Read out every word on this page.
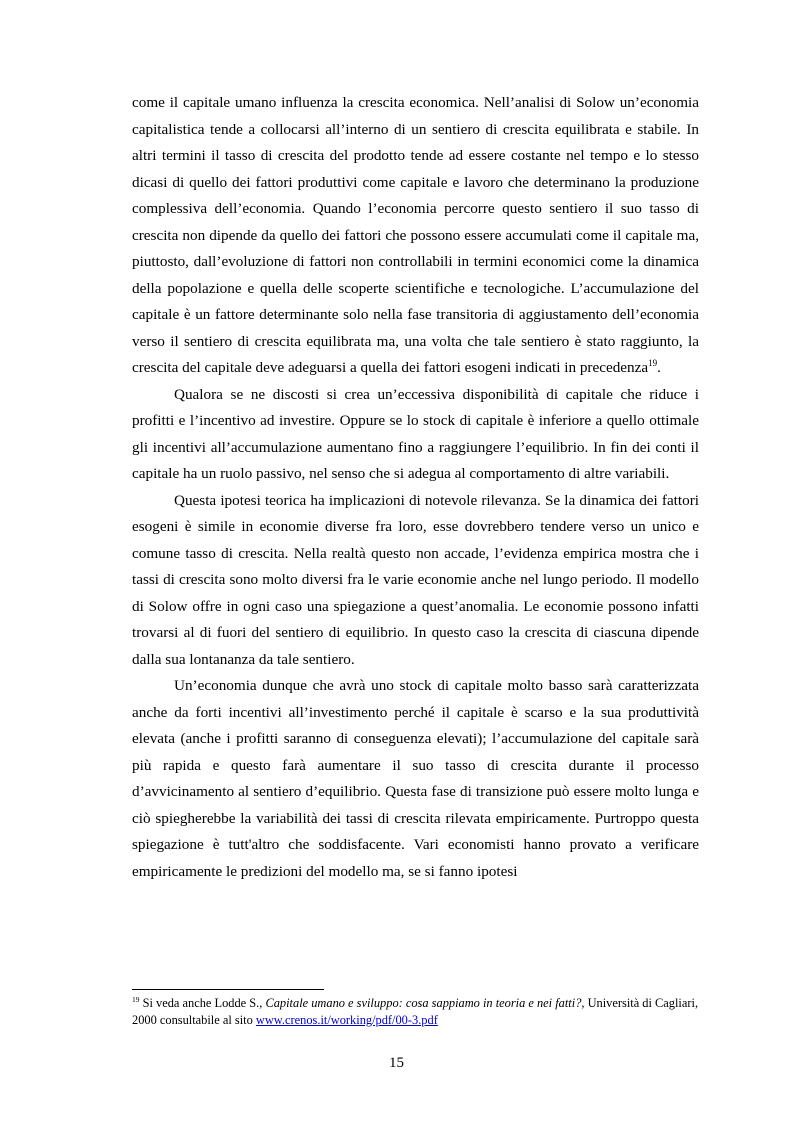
come il capitale umano influenza la crescita economica. Nell’analisi di Solow un’economia capitalistica tende a collocarsi all’interno di un sentiero di crescita equilibrata e stabile. In altri termini il tasso di crescita del prodotto tende ad essere costante nel tempo e lo stesso dicasi di quello dei fattori produttivi come capitale e lavoro che determinano la produzione complessiva dell’economia. Quando l’economia percorre questo sentiero il suo tasso di crescita non dipende da quello dei fattori che possono essere accumulati come il capitale ma, piuttosto, dall’evoluzione di fattori non controllabili in termini economici come la dinamica della popolazione e quella delle scoperte scientifiche e tecnologiche. L’accumulazione del capitale è un fattore determinante solo nella fase transitoria di aggiustamento dell’economia verso il sentiero di crescita equilibrata ma, una volta che tale sentiero è stato raggiunto, la crescita del capitale deve adeguarsi a quella dei fattori esogeni indicati in precedenza$^{19}$.

Qualora se ne discosti si crea un’eccessiva disponibilità di capitale che riduce i profitti e l’incentivo ad investire. Oppure se lo stock di capitale è inferiore a quello ottimale gli incentivi all’accumulazione aumentano fino a raggiungere l’equilibrio. In fin dei conti il capitale ha un ruolo passivo, nel senso che si adegua al comportamento di altre variabili.

Questa ipotesi teorica ha implicazioni di notevole rilevanza. Se la dinamica dei fattori esogeni è simile in economie diverse fra loro, esse dovrebbero tendere verso un unico e comune tasso di crescita. Nella realtà questo non accade, l’evidenza empirica mostra che i tassi di crescita sono molto diversi fra le varie economie anche nel lungo periodo. Il modello di Solow offre in ogni caso una spiegazione a quest’anomalia. Le economie possono infatti trovarsi al di fuori del sentiero di equilibrio. In questo caso la crescita di ciascuna dipende dalla sua lontananza da tale sentiero.

Un’economia dunque che avrà uno stock di capitale molto basso sarà caratterizzata anche da forti incentivi all’investimento perché il capitale è scarso e la sua produttività elevata (anche i profitti saranno di conseguenza elevati); l’accumulazione del capitale sarà più rapida e questo farà aumentare il suo tasso di crescita durante il processo d’avvicinamento al sentiero d’equilibrio. Questa fase di transizione può essere molto lunga e ciò spiegherebbe la variabilità dei tassi di crescita rilevata empiricamente. Purtroppo questa spiegazione è tutt'altro che soddisfacente. Vari economisti hanno provato a verificare empiricamente le predizioni del modello ma, se si fanno ipotesi

$^{19}$ Si veda anche Lodde S., Capitale umano e sviluppo: cosa sappiamo in teoria e nei fatti?, Università di Cagliari, 2000 consultabile al sito www.crenos.it/working/pdf/00-3.pdf
15
